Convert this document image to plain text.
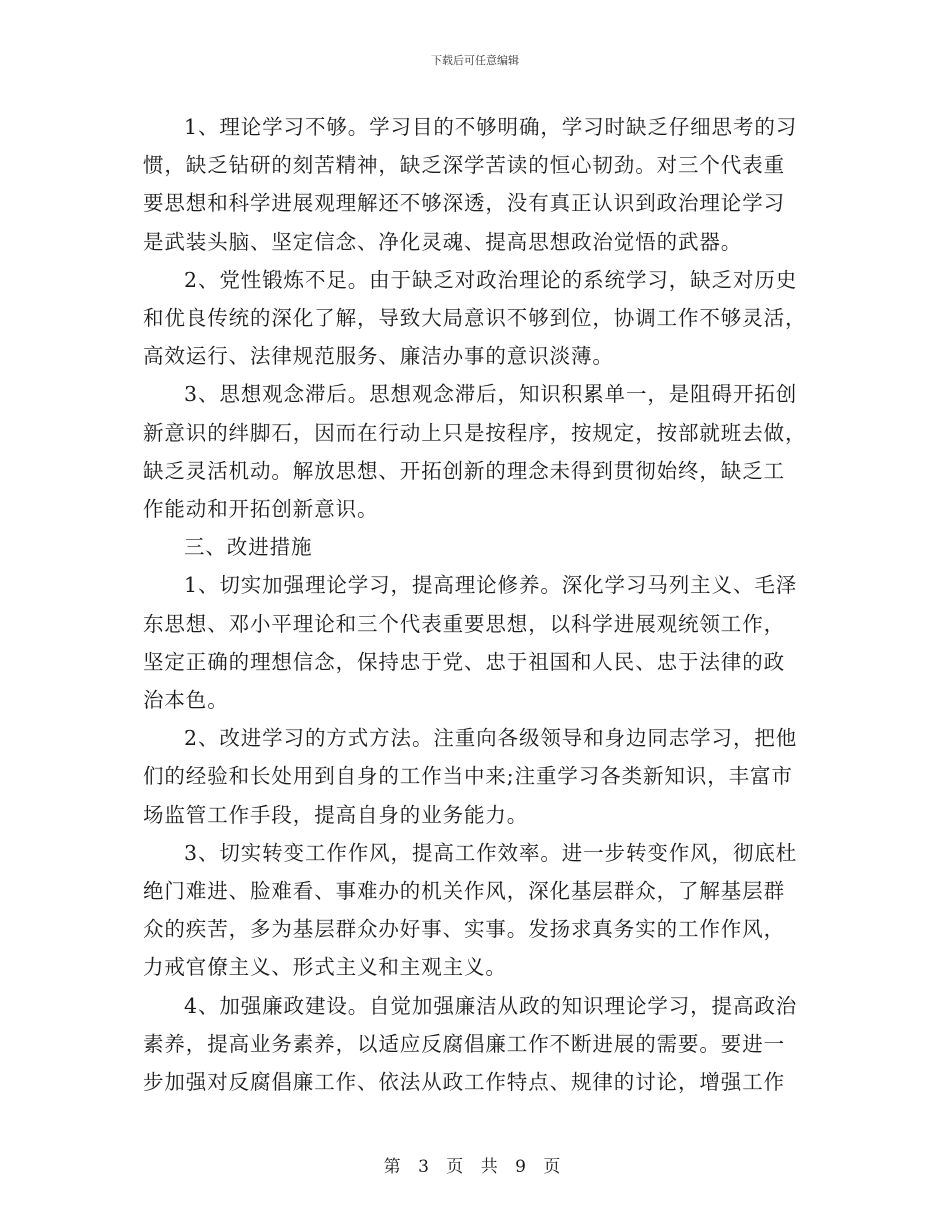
下载后可任意编辑

1、理论学习不够。学习目的不够明确，学习时缺乏仔细思考的习
惯，缺乏钻研的刻苦精神，缺乏深学苦读的恒心韧劲。对三个代表重
要思想和科学进展观理解还不够深透，没有真正认识到政治理论学习
是武装头脑、坚定信念、净化灵魂、提高思想政治觉悟的武器。

2、党性锻炼不足。由于缺乏对政治理论的系统学习，缺乏对历史
和优良传统的深化了解，导致大局意识不够到位，协调工作不够灵活，
高效运行、法律规范服务、廉洁办事的意识淡薄。

3、思想观念滞后。思想观念滞后，知识积累单一，是阻碍开拓创
新意识的绊脚石，因而在行动上只是按程序，按规定，按部就班去做，
缺乏灵活机动。解放思想、开拓创新的理念未得到贯彻始终，缺乏工
作能动和开拓创新意识。

三、改进措施

1、切实加强理论学习，提高理论修养。深化学习马列主义、毛泽
东思想、邓小平理论和三个代表重要思想，以科学进展观统领工作，
坚定正确的理想信念，保持忠于党、忠于祖国和人民、忠于法律的政
治本色。

2、改进学习的方式方法。注重向各级领导和身边同志学习，把他
们的经验和长处用到自身的工作当中来;注重学习各类新知识，丰富市
场监管工作手段，提高自身的业务能力。

3、切实转变工作作风，提高工作效率。进一步转变作风，彻底杜
绝门难进、脸难看、事难办的机关作风，深化基层群众，了解基层群
众的疾苦，多为基层群众办好事、实事。发扬求真务实的工作作风，
力戒官僚主义、形式主义和主观主义。

4、加强廉政建设。自觉加强廉洁从政的知识理论学习，提高政治
素养，提高业务素养，以适应反腐倡廉工作不断进展的需要。要进一
步加强对反腐倡廉工作、依法从政工作特点、规律的讨论，增强工作

第 3 页 共 9 页
